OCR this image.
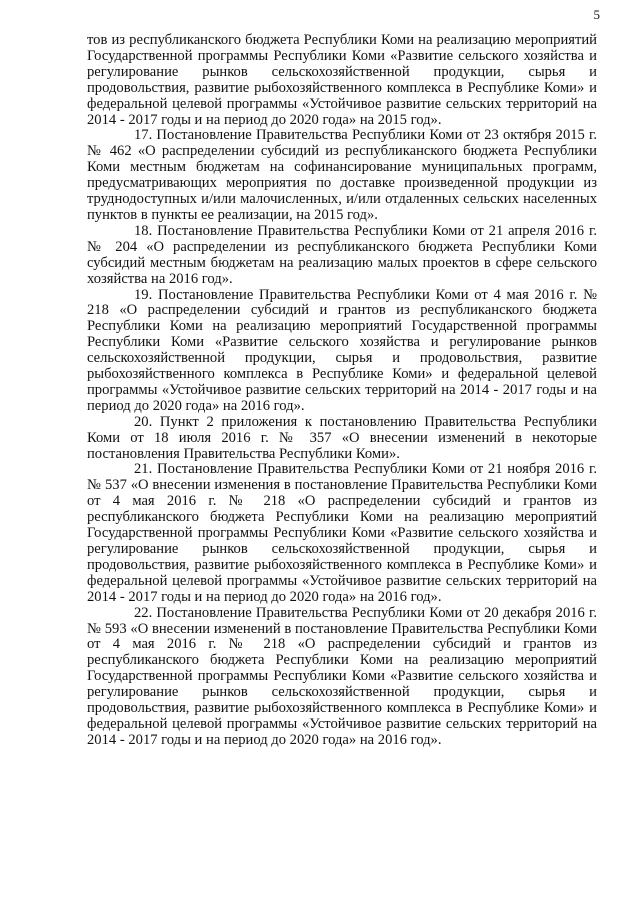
5

тов из республиканского бюджета Республики Коми на реализацию мероприятий Государственной программы Республики Коми «Развитие сельского хозяйства и регулирование рынков сельскохозяйственной продукции, сырья и продовольствия, развитие рыбохозяйственного комплекса в Республике Коми» и федеральной целевой программы «Устойчивое развитие сельских территорий на 2014 - 2017 годы и на период до 2020 года» на 2015 год».

17. Постановление Правительства Республики Коми от 23 октября 2015 г. № 462 «О распределении субсидий из республиканского бюджета Республики Коми местным бюджетам на софинансирование муниципальных программ, предусматривающих мероприятия по доставке произведенной продукции из труднодоступных и/или малочисленных, и/или отдаленных сельских населенных пунктов в пункты ее реализации, на 2015 год».

18. Постановление Правительства Республики Коми от 21 апреля 2016 г. № 204 «О распределении из республиканского бюджета Республики Коми субсидий местным бюджетам на реализацию малых проектов в сфере сельского хозяйства на 2016 год».

19. Постановление Правительства Республики Коми от 4 мая 2016 г. № 218 «О распределении субсидий и грантов из республиканского бюджета Республики Коми на реализацию мероприятий Государственной программы Республики Коми «Развитие сельского хозяйства и регулирование рынков сельскохозяйственной продукции, сырья и продовольствия, развитие рыбохозяйственного комплекса в Республике Коми» и федеральной целевой программы «Устойчивое развитие сельских территорий на 2014 - 2017 годы и на период до 2020 года» на 2016 год».

20. Пункт 2 приложения к постановлению Правительства Республики Коми от 18 июля 2016 г. № 357 «О внесении изменений в некоторые постановления Правительства Республики Коми».

21. Постановление Правительства Республики Коми от 21 ноября 2016 г. № 537 «О внесении изменения в постановление Правительства Республики Коми от 4 мая 2016 г. № 218 «О распределении субсидий и грантов из республиканского бюджета Республики Коми на реализацию мероприятий Государственной программы Республики Коми «Развитие сельского хозяйства и регулирование рынков сельскохозяйственной продукции, сырья и продовольствия, развитие рыбохозяйственного комплекса в Республике Коми» и федеральной целевой программы «Устойчивое развитие сельских территорий на 2014 - 2017 годы и на период до 2020 года» на 2016 год».

22. Постановление Правительства Республики Коми от 20 декабря 2016 г. № 593 «О внесении изменений в постановление Правительства Республики Коми от 4 мая 2016 г. № 218 «О распределении субсидий и грантов из республиканского бюджета Республики Коми на реализацию мероприятий Государственной программы Республики Коми «Развитие сельского хозяйства и регулирование рынков сельскохозяйственной продукции, сырья и продовольствия, развитие рыбохозяйственного комплекса в Республике Коми» и федеральной целевой программы «Устойчивое развитие сельских территорий на 2014 - 2017 годы и на период до 2020 года» на 2016 год».
